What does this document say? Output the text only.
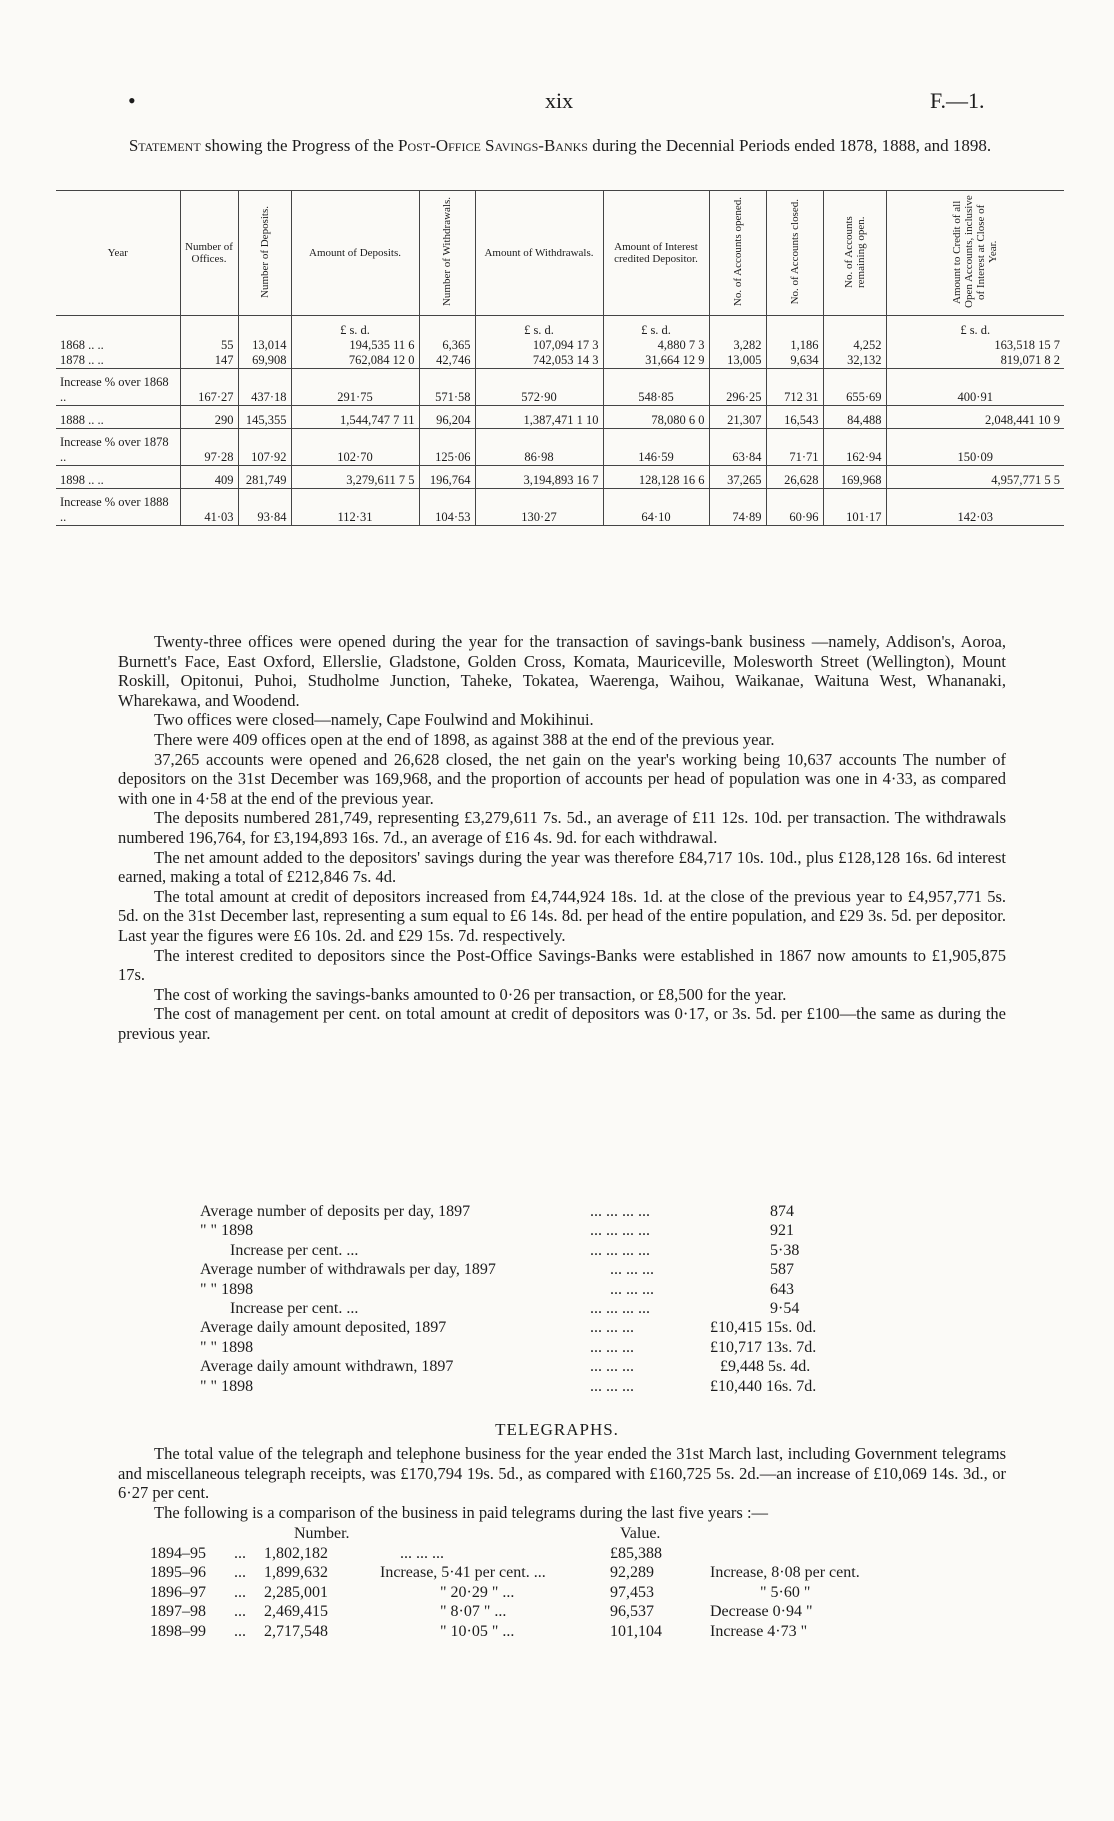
•	xix	F.—1.
Statement showing the Progress of the Post-Office Savings-Banks during the Decennial Periods ended 1878, 1888, and 1898.
Year	Number of Offices.	Number of Deposits.	Amount of Deposits.	Number of Withdrawals.	Amount of Withdrawals.	Amount of Interest credited Depositor.	No. of Accounts opened.	No. of Accounts closed.	No. of Accounts remaining open.	Amount to Credit of all Open Accounts, inclusive of Interest at Close of Year.
			£ s. d.		£ s. d.	£ s. d.				£ s. d.
1868 .. ..	55	13,014	194,535 11 6	6,365	107,094 17 3	4,880 7 3	3,282	1,186	4,252	163,518 15 7
1878 .. ..	147	69,908	762,084 12 0	42,746	742,053 14 3	31,664 12 9	13,005	9,634	32,132	819,071 8 2
Increase % over 1868 ..	167·27	437·18	291·75	571·58	572·90	548·85	296·25	712 31	655·69	400·91
1888 .. ..	290	145,355	1,544,747 7 11	96,204	1,387,471 1 10	78,080 6 0	21,307	16,543	84,488	2,048,441 10 9
Increase % over 1878 ..	97·28	107·92	102·70	125·06	86·98	146·59	63·84	71·71	162·94	150·09
1898 .. ..	409	281,749	3,279,611 7 5	196,764	3,194,893 16 7	128,128 16 6	37,265	26,628	169,968	4,957,771 5 5
Increase % over 1888 ..	41·03	93·84	112·31	104·53	130·27	64·10	74·89	60·96	101·17	142·03

Twenty-three offices were opened during the year for the transaction of savings-bank business —namely, Addison's, Aoroa, Burnett's Face, East Oxford, Ellerslie, Gladstone, Golden Cross, Komata, Mauriceville, Molesworth Street (Wellington), Mount Roskill, Opitonui, Puhoi, Studholme Junction, Taheke, Tokatea, Waerenga, Waihou, Waikanae, Waituna West, Whananaki, Wharekawa, and Woodend.

Two offices were closed—namely, Cape Foulwind and Mokihinui.

There were 409 offices open at the end of 1898, as against 388 at the end of the previous year.

37,265 accounts were opened and 26,628 closed, the net gain on the year's working being 10,637 accounts The number of depositors on the 31st December was 169,968, and the proportion of accounts per head of population was one in 4·33, as compared with one in 4·58 at the end of the previous year.

The deposits numbered 281,749, representing £3,279,611 7s. 5d., an average of £11 12s. 10d. per transaction. The withdrawals numbered 196,764, for £3,194,893 16s. 7d., an average of £16 4s. 9d. for each withdrawal.

The net amount added to the depositors' savings during the year was therefore £84,717 10s. 10d., plus £128,128 16s. 6d interest earned, making a total of £212,846 7s. 4d.

The total amount at credit of depositors increased from £4,744,924 18s. 1d. at the close of the previous year to £4,957,771 5s. 5d. on the 31st December last, representing a sum equal to £6 14s. 8d. per head of the entire population, and £29 3s. 5d. per depositor. Last year the figures were £6 10s. 2d. and £29 15s. 7d. respectively.

The interest credited to depositors since the Post-Office Savings-Banks were established in 1867 now amounts to £1,905,875 17s.

The cost of working the savings-banks amounted to 0·26 per transaction, or £8,500 for the year.

The cost of management per cent. on total amount at credit of depositors was 0·17, or 3s. 5d. per £100—the same as during the previous year.

Average number of deposits per day, 1897	... ... ... ...	874
" " 1898	... ... ... ...	921
Increase per cent. ...	... ... ... ...	5·38
Average number of withdrawals per day, 1897	... ... ...	587
" " 1898	... ... ...	643
Increase per cent. ...	... ... ... ...	9·54
Average daily amount deposited, 1897	... ... ...	£10,415 15s. 0d.
" " 1898	... ... ...	£10,717 13s. 7d.
Average daily amount withdrawn, 1897	... ... ...	£9,448 5s. 4d.
" " 1898	... ... ...	£10,440 16s. 7d.
TELEGRAPHS.

The total value of the telegraph and telephone business for the year ended the 31st March last, including Government telegrams and miscellaneous telegraph receipts, was £170,794 19s. 5d., as compared with £160,725 5s. 2d.—an increase of £10,069 14s. 3d., or 6·27 per cent.

The following is a comparison of the business in paid telegrams during the last five years :—

Number.	Value.
1894–95 ... 1,802,182	... ... ...	£85,388
1895–96 ... 1,899,632	Increase, 5·41 per cent. ...	92,289	Increase, 8·08 per cent.
1896–97 ... 2,285,001	" 20·29 " ...	97,453	" 5·60 "
1897–98 ... 2,469,415	" 8·07 " ...	96,537	Decrease 0·94 "
1898–99 ... 2,717,548	" 10·05 " ...	101,104	Increase 4·73 "
